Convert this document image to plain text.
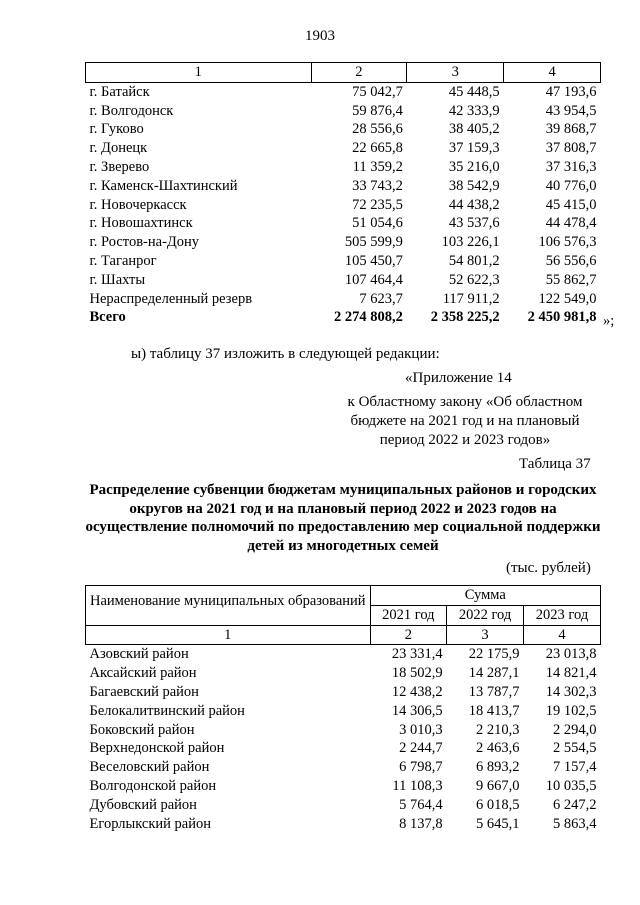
1903
1	2	3	4
г. Батайск	75 042,7	45 448,5	47 193,6
г. Волгодонск	59 876,4	42 333,9	43 954,5
г. Гуково	28 556,6	38 405,2	39 868,7
г. Донецк	22 665,8	37 159,3	37 808,7
г. Зверево	11 359,2	35 216,0	37 316,3
г. Каменск-Шахтинский	33 743,2	38 542,9	40 776,0
г. Новочеркасск	72 235,5	44 438,2	45 415,0
г. Новошахтинск	51 054,6	43 537,6	44 478,4
г. Ростов-на-Дону	505 599,9	103 226,1	106 576,3
г. Таганрог	105 450,7	54 801,2	56 556,6
г. Шахты	107 464,4	52 622,3	55 862,7
Нераспределенный резерв	7 623,7	117 911,2	122 549,0
Всего	2 274 808,2	2 358 225,2	2 450 981,8 »;
ы) таблицу 37 изложить в следующей редакции:
«Приложение 14
к Областному закону «Об областном бюджете на 2021 год и на плановый период 2022 и 2023 годов»
Таблица 37
Распределение субвенции бюджетам муниципальных районов и городских округов на 2021 год и на плановый период 2022 и 2023 годов на осуществление полномочий по предоставлению мер социальной поддержки детей из многодетных семей
(тыс. рублей)
Наименование муниципальных образований	Сумма		
	2021 год	2022 год	2023 год
1	2	3	4
Азовский район	23 331,4	22 175,9	23 013,8
Аксайский район	18 502,9	14 287,1	14 821,4
Багаевский район	12 438,2	13 787,7	14 302,3
Белокалитвинский район	14 306,5	18 413,7	19 102,5
Боковский район	3 010,3	2 210,3	2 294,0
Верхнедонской район	2 244,7	2 463,6	2 554,5
Веселовский район	6 798,7	6 893,2	7 157,4
Волгодонской район	11 108,3	9 667,0	10 035,5
Дубовский район	5 764,4	6 018,5	6 247,2
Егорлыкский район	8 137,8	5 645,1	5 863,4
